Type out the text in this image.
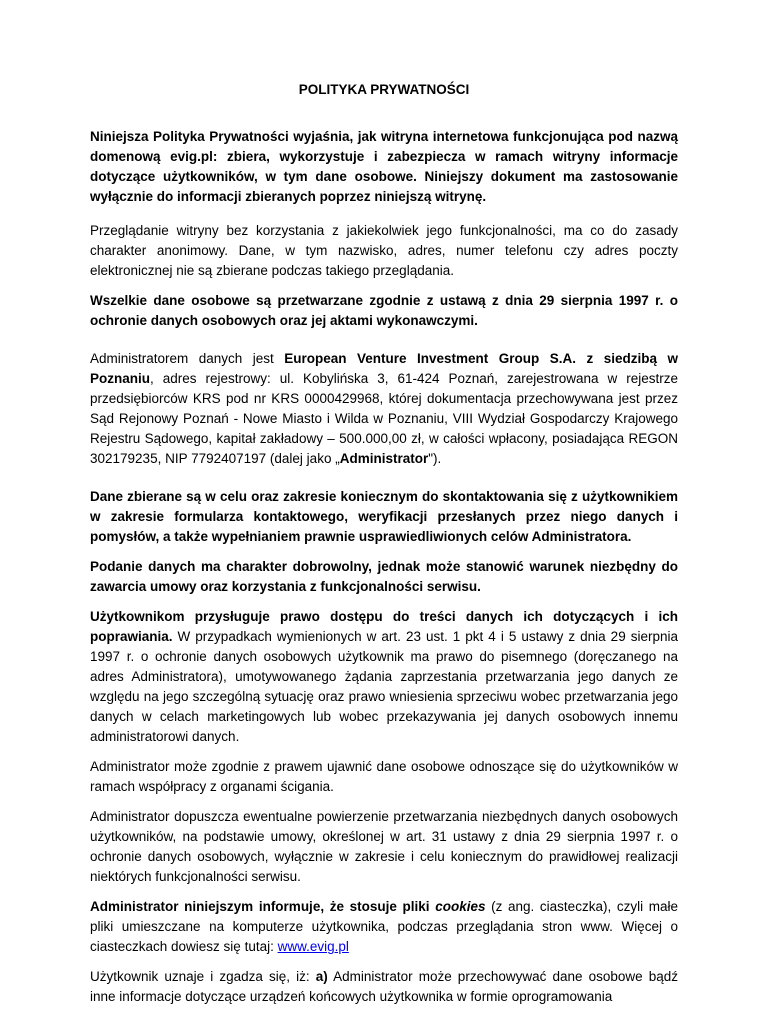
POLITYKA PRYWATNOŚCI

Niniejsza Polityka Prywatności wyjaśnia, jak witryna internetowa funkcjonująca pod nazwą domenową evig.pl: zbiera, wykorzystuje i zabezpiecza w ramach witryny informacje dotyczące użytkowników, w tym dane osobowe. Niniejszy dokument ma zastosowanie wyłącznie do informacji zbieranych poprzez niniejszą witrynę.

Przeglądanie witryny bez korzystania z jakiekolwiek jego funkcjonalności, ma co do zasady charakter anonimowy. Dane, w tym nazwisko, adres, numer telefonu czy adres poczty elektronicznej nie są zbierane podczas takiego przeglądania.

Wszelkie dane osobowe są przetwarzane zgodnie z ustawą z dnia 29 sierpnia 1997 r. o ochronie danych osobowych oraz jej aktami wykonawczymi.

Administratorem danych jest European Venture Investment Group S.A. z siedzibą w Poznaniu, adres rejestrowy: ul. Kobylińska 3, 61-424 Poznań, zarejestrowana w rejestrze przedsiębiorców KRS pod nr KRS 0000429968, której dokumentacja przechowywana jest przez Sąd Rejonowy Poznań - Nowe Miasto i Wilda w Poznaniu, VIII Wydział Gospodarczy Krajowego Rejestru Sądowego, kapitał zakładowy – 500.000,00 zł, w całości wpłacony, posiadająca REGON 302179235, NIP 7792407197 (dalej jako „Administrator").

Dane zbierane są w celu oraz zakresie koniecznym do skontaktowania się z użytkownikiem w zakresie formularza kontaktowego, weryfikacji przesłanych przez niego danych i pomysłów, a także wypełnianiem prawnie usprawiedliwionych celów Administratora.

Podanie danych ma charakter dobrowolny, jednak może stanowić warunek niezbędny do zawarcia umowy oraz korzystania z funkcjonalności serwisu.

Użytkownikom przysługuje prawo dostępu do treści danych ich dotyczących i ich poprawiania. W przypadkach wymienionych w art. 23 ust. 1 pkt 4 i 5 ustawy z dnia 29 sierpnia 1997 r. o ochronie danych osobowych użytkownik ma prawo do pisemnego (doręczanego na adres Administratora), umotywowanego żądania zaprzestania przetwarzania jego danych ze względu na jego szczególną sytuację oraz prawo wniesienia sprzeciwu wobec przetwarzania jego danych w celach marketingowych lub wobec przekazywania jej danych osobowych innemu administratorowi danych.

Administrator może zgodnie z prawem ujawnić dane osobowe odnoszące się do użytkowników w ramach współpracy z organami ścigania.

Administrator dopuszcza ewentualne powierzenie przetwarzania niezbędnych danych osobowych użytkowników, na podstawie umowy, określonej w art. 31 ustawy z dnia 29 sierpnia 1997 r. o ochronie danych osobowych, wyłącznie w zakresie i celu koniecznym do prawidłowej realizacji niektórych funkcjonalności serwisu.

Administrator niniejszym informuje, że stosuje pliki cookies (z ang. ciasteczka), czyli małe pliki umieszczane na komputerze użytkownika, podczas przeglądania stron www. Więcej o ciasteczkach dowiesz się tutaj: www.evig.pl

Użytkownik uznaje i zgadza się, iż: a) Administrator może przechowywać dane osobowe bądź inne informacje dotyczące urządzeń końcowych użytkownika w formie oprogramowania
